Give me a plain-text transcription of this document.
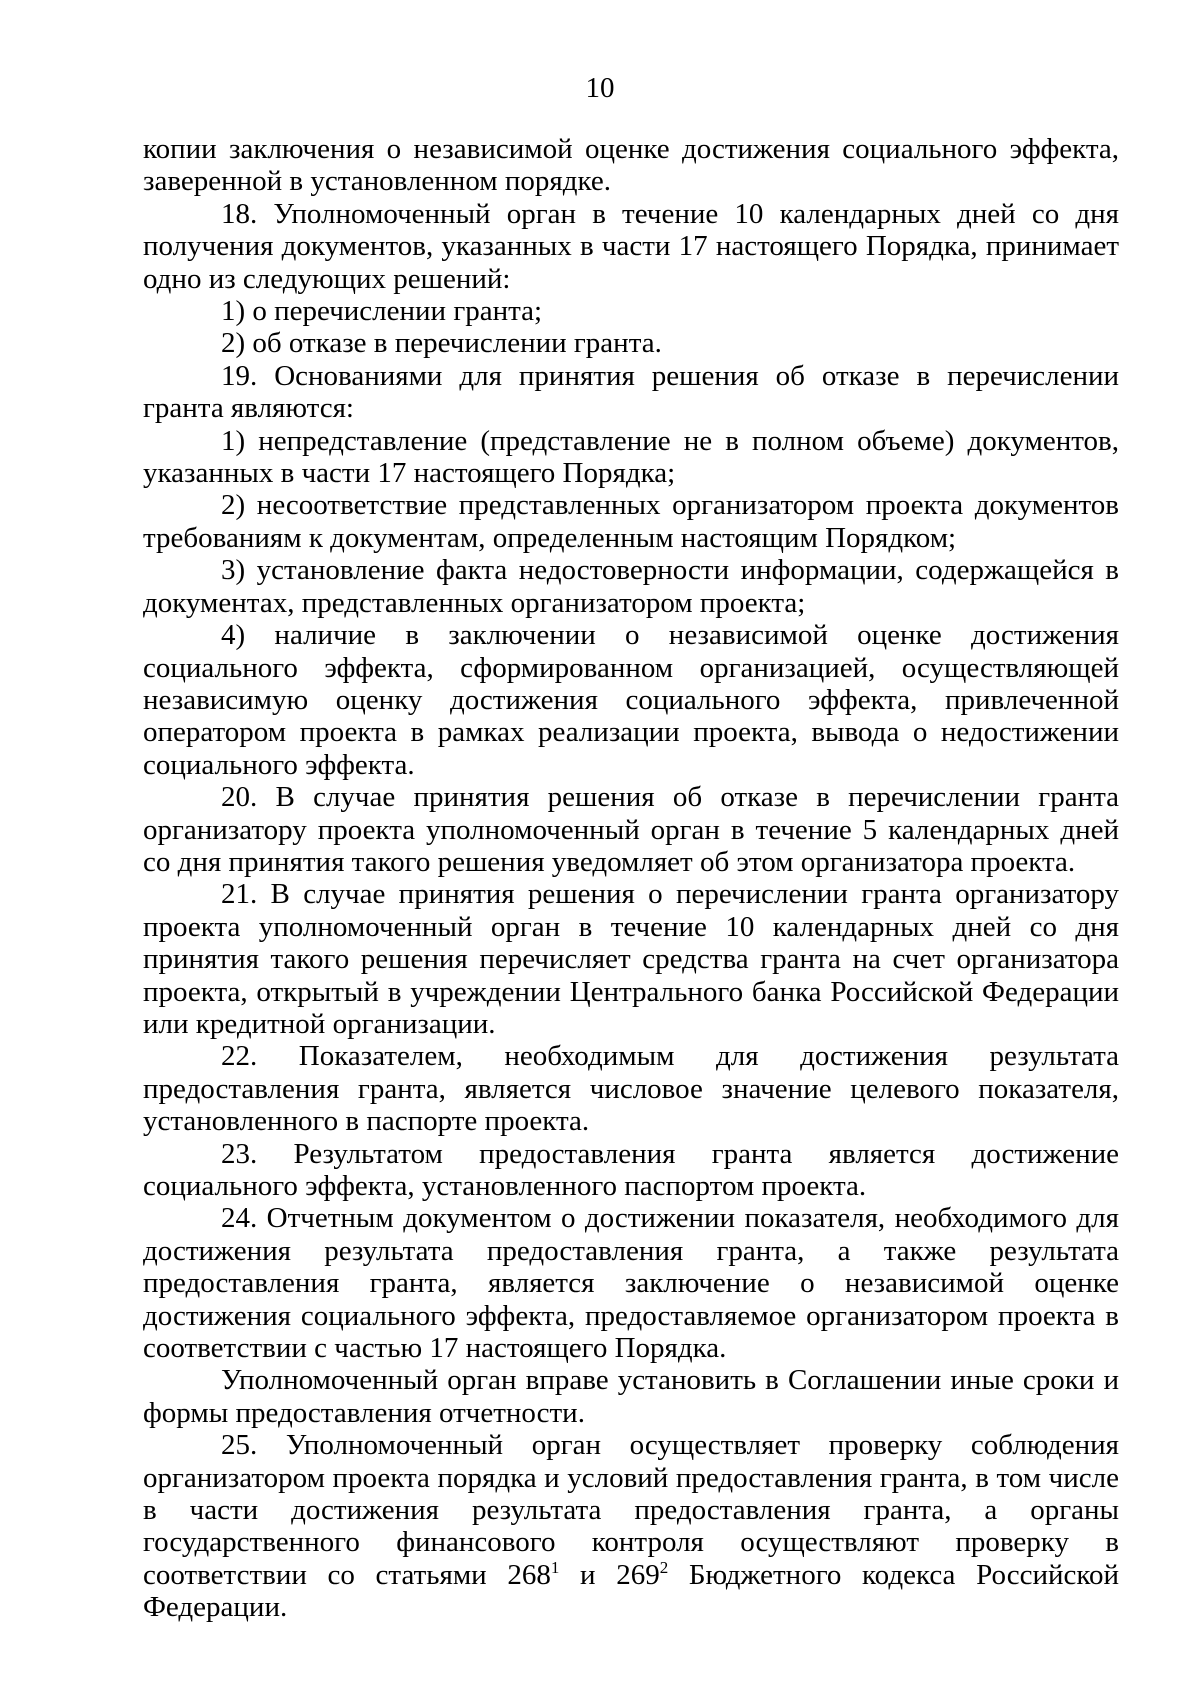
10

копии заключения о независимой оценке достижения социального эффекта, заверенной в установленном порядке.

18. Уполномоченный орган в течение 10 календарных дней со дня получения документов, указанных в части 17 настоящего Порядка, принимает одно из следующих решений:

1) о перечислении гранта;

2) об отказе в перечислении гранта.

19. Основаниями для принятия решения об отказе в перечислении гранта являются:

1) непредставление (представление не в полном объеме) документов, указанных в части 17 настоящего Порядка;

2) несоответствие представленных организатором проекта документов требованиям к документам, определенным настоящим Порядком;

3) установление факта недостоверности информации, содержащейся в документах, представленных организатором проекта;

4) наличие в заключении о независимой оценке достижения социального эффекта, сформированном организацией, осуществляющей независимую оценку достижения социального эффекта, привлеченной оператором проекта в рамках реализации проекта, вывода о недостижении социального эффекта.

20. В случае принятия решения об отказе в перечислении гранта организатору проекта уполномоченный орган в течение 5 календарных дней со дня принятия такого решения уведомляет об этом организатора проекта.

21. В случае принятия решения о перечислении гранта организатору проекта уполномоченный орган в течение 10 календарных дней со дня принятия такого решения перечисляет средства гранта на счет организатора проекта, открытый в учреждении Центрального банка Российской Федерации или кредитной организации.

22. Показателем, необходимым для достижения результата предоставления гранта, является числовое значение целевого показателя, установленного в паспорте проекта.

23. Результатом предоставления гранта является достижение социального эффекта, установленного паспортом проекта.

24. Отчетным документом о достижении показателя, необходимого для достижения результата предоставления гранта, а также результата предоставления гранта, является заключение о независимой оценке достижения социального эффекта, предоставляемое организатором проекта в соответствии с частью 17 настоящего Порядка.

Уполномоченный орган вправе установить в Соглашении иные сроки и формы предоставления отчетности.

25. Уполномоченный орган осуществляет проверку соблюдения организатором проекта порядка и условий предоставления гранта, в том числе в части достижения результата предоставления гранта, а органы государственного финансового контроля осуществляют проверку в соответствии со статьями $268^1$ и $269^2$ Бюджетного кодекса Российской Федерации.
